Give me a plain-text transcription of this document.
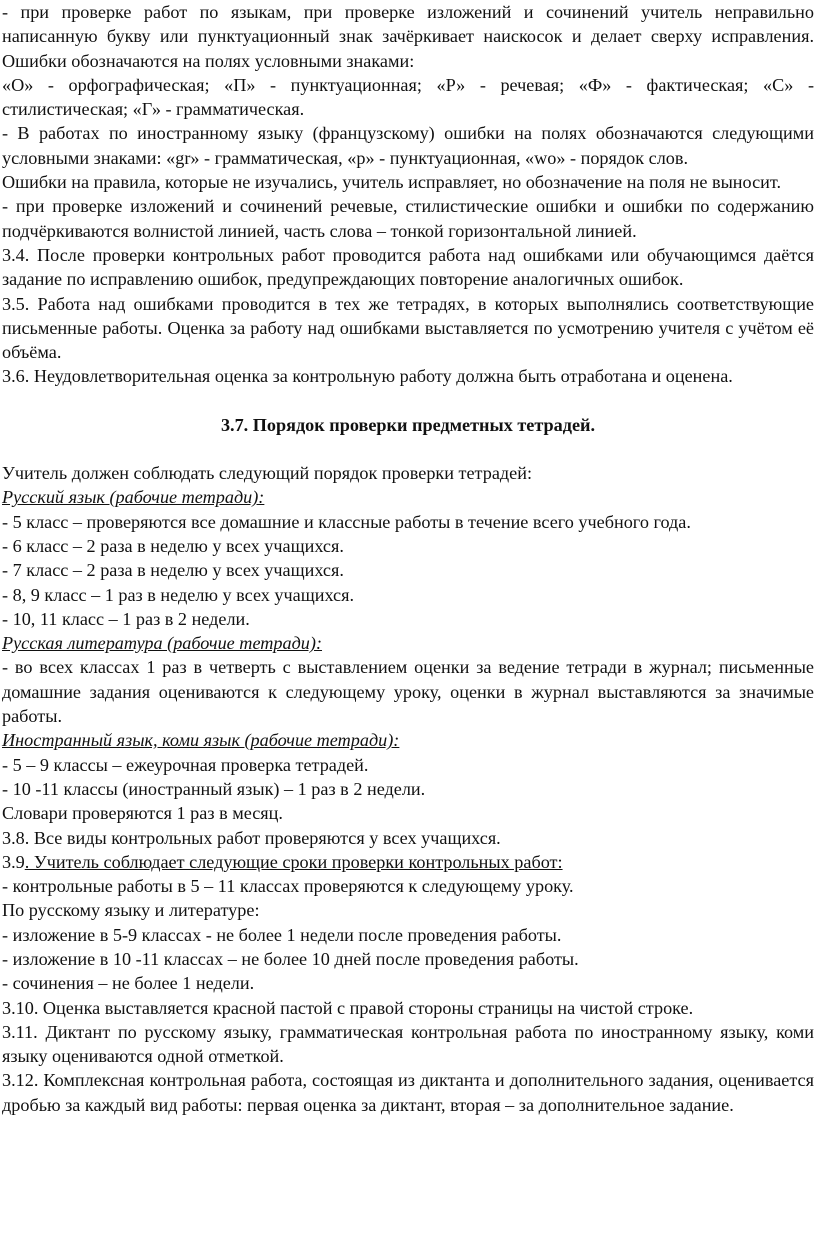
- при проверке работ по языкам, при проверке изложений и сочинений учитель неправильно написанную букву или пунктуационный знак зачёркивает наискосок и делает сверху исправления. Ошибки обозначаются на полях условными знаками:

«О» - орфографическая; «П» - пунктуационная; «Р» - речевая; «Ф» - фактическая; «С» - стилистическая; «Г» - грамматическая.

- В работах по иностранному языку (французскому) ошибки на полях обозначаются следующими условными знаками: «gr» - грамматическая, «p» - пунктуационная, «wo» - порядок слов.

Ошибки на правила, которые не изучались, учитель исправляет, но обозначение на поля не выносит.

- при проверке изложений и сочинений речевые, стилистические ошибки и ошибки по содержанию подчёркиваются волнистой линией, часть слова – тонкой горизонтальной линией.

3.4. После проверки контрольных работ проводится работа над ошибками или обучающимся даётся задание по исправлению ошибок, предупреждающих повторение аналогичных ошибок.

3.5. Работа над ошибками проводится в тех же тетрадях, в которых выполнялись соответствующие письменные работы. Оценка за работу над ошибками выставляется по усмотрению учителя с учётом её объёма.

3.6. Неудовлетворительная оценка за контрольную работу должна быть отработана и оценена.

3.7. Порядок проверки предметных тетрадей.

Учитель должен соблюдать следующий порядок проверки тетрадей:

Русский язык (рабочие тетради):

- 5 класс – проверяются все домашние и классные работы в течение всего учебного года.

- 6 класс – 2 раза в неделю у всех учащихся.

- 7 класс – 2 раза в неделю у всех учащихся.

- 8, 9 класс – 1 раз в неделю у всех учащихся.

- 10, 11 класс – 1 раз в 2 недели.

Русская литература (рабочие тетради):

- во всех классах 1 раз в четверть с выставлением оценки за ведение тетради в журнал; письменные домашние задания оцениваются к следующему уроку, оценки в журнал выставляются за значимые работы.

Иностранный язык, коми язык (рабочие тетради):

- 5 – 9 классы – ежеурочная проверка тетрадей.

- 10 -11 классы (иностранный язык) – 1 раз в 2 недели.

Словари проверяются 1 раз в месяц.

3.8. Все виды контрольных работ проверяются у всех учащихся.

3.9. Учитель соблюдает следующие сроки проверки контрольных работ:

- контрольные работы в 5 – 11 классах проверяются к следующему уроку.

По русскому языку и литературе:

- изложение в 5-9 классах - не более 1 недели после проведения работы.

- изложение в 10 -11 классах – не более 10 дней после проведения работы.

- сочинения – не более 1 недели.

3.10. Оценка выставляется красной пастой с правой стороны страницы на чистой строке.

3.11. Диктант по русскому языку, грамматическая контрольная работа по иностранному языку, коми языку оцениваются одной отметкой.

3.12. Комплексная контрольная работа, состоящая из диктанта и дополнительного задания, оценивается дробью за каждый вид работы: первая оценка за диктант, вторая – за дополнительное задание.
